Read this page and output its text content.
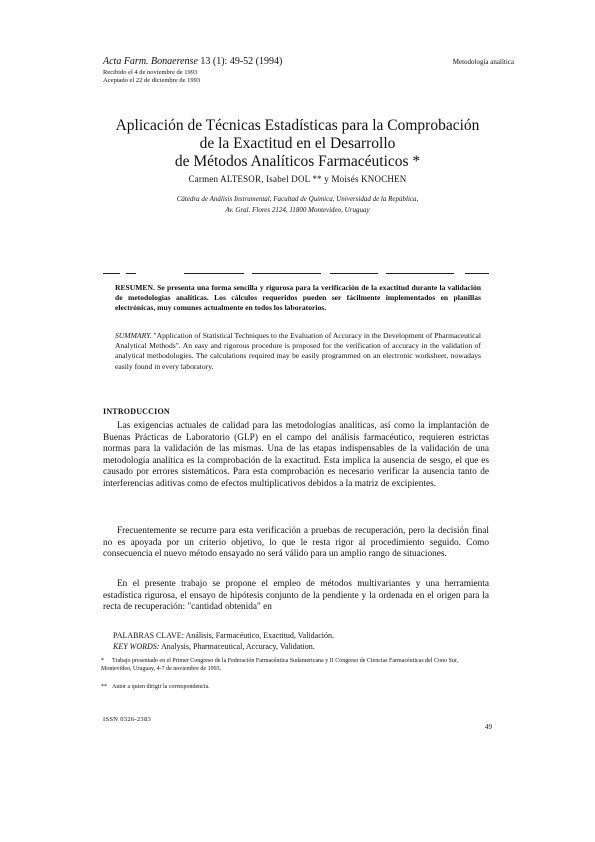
Acta Farm. Bonaerense 13 (1): 49-52 (1994)
Recibido el 4 de noviembre de 1993
Aceptado el 22 de diciembre de 1993
Metodología analítica
Aplicación de Técnicas Estadísticas para la Comprobación
de la Exactitud en el Desarrollo
de Métodos Analíticos Farmacéuticos *
Carmen ALTESOR, Isabel DOL ** y Moisés KNOCHEN
Cátedra de Análisis Instrumental, Facultad de Química, Universidad de la República,
Av. Gral. Flores 2124, 11800 Montevideo, Uruguay
RESUMEN. Se presenta una forma sencilla y rigurosa para la verificación de la exactitud durante la validación de metodologías analíticas. Los cálculos requeridos pueden ser fácilmente implementados en planillas electrónicas, muy comunes actualmente en todos los laboratorios.
SUMMARY. "Application of Statistical Techniques to the Evaluation of Accuracy in the Development of Pharmaceutical Analytical Methods". An easy and rigorous procedure is proposed for the verification of accuracy in the validation of analytical methodologies. The calculations required may be easily programmed on an electronic worksheet, nowadays easily found in every laboratory.
INTRODUCCION

Las exigencias actuales de calidad para las metodologías analíticas, así como la implantación de Buenas Prácticas de Laboratorio (GLP) en el campo del análisis farmacéutico, requieren estrictas normas para la validación de las mismas. Una de las etapas indispensables de la validación de una metodología analítica es la comprobación de la exactitud. Esta implica la ausencia de sesgo, el que es causado por errores sistemáticos. Para esta comprobación es necesario verificar la ausencia tanto de interferencias aditivas como de efectos multiplicativos debidos a la matriz de excipientes.

Frecuentemente se recurre para esta verificación a pruebas de recuperación, pero la decisión final no es apoyada por un criterio objetivo, lo que le resta rigor al procedimiento seguido. Como consecuencia el nuevo método ensayado no será válido para un amplio rango de situaciones.

En el presente trabajo se propone el empleo de métodos multivariantes y una herramienta estadística rigurosa, el ensayo de hipótesis conjunto de la pendiente y la ordenada en el origen para la recta de recuperación: "cantidad obtenida" en

PALABRAS CLAVE: Análisis, Farmacéutico, Exactitud, Validación.
KEY WORDS: Analysis, Pharmaceutical, Accuracy, Validation.
* Trabajo presentado en el Primer Congreso de la Federación Farmacéutica Sudamericana y II Congreso de Ciencias Farmacéuticas del Cono Sur, Montevideo, Uruguay, 4-7 de noviembre de 1993.
** Autor a quien dirigir la correspondencia.
ISSN 0326-2383
49
